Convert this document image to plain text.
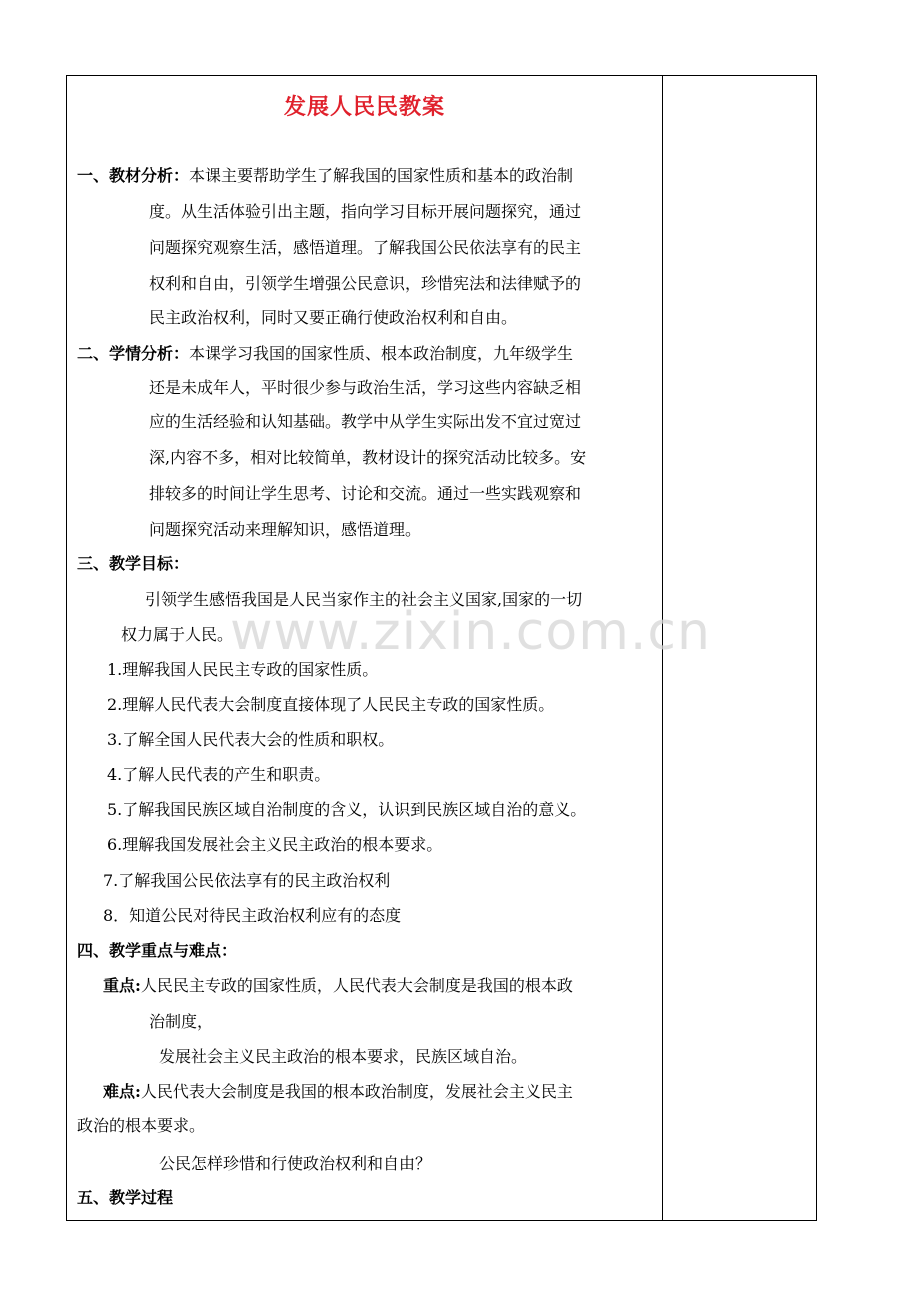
发展人民民教案
一、教材分析：本课主要帮助学生了解我国的国家性质和基本的政治制
度。从生活体验引出主题，指向学习目标开展问题探究，通过
问题探究观察生活，感悟道理。了解我国公民依法享有的民主
权利和自由，引领学生增强公民意识，珍惜宪法和法律赋予的
民主政治权利，同时又要正确行使政治权利和自由。
二、学情分析：本课学习我国的国家性质、根本政治制度，九年级学生
还是未成年人，平时很少参与政治生活，学习这些内容缺乏相
应的生活经验和认知基础。教学中从学生实际出发不宜过宽过
深,内容不多，相对比较简单，教材设计的探究活动比较多。安
排较多的时间让学生思考、讨论和交流。通过一些实践观察和
问题探究活动来理解知识，感悟道理。
三、教学目标：
引领学生感悟我国是人民当家作主的社会主义国家,国家的一切
权力属于人民。
1.理解我国人民民主专政的国家性质。
2.理解人民代表大会制度直接体现了人民民主专政的国家性质。
3.了解全国人民代表大会的性质和职权。
4.了解人民代表的产生和职责。
5.了解我国民族区域自治制度的含义，认识到民族区域自治的意义。
6.理解我国发展社会主义民主政治的根本要求。
7.了解我国公民依法享有的民主政治权利
8．知道公民对待民主政治权利应有的态度
四、教学重点与难点：
重点:人民民主专政的国家性质，人民代表大会制度是我国的根本政
治制度，
发展社会主义民主政治的根本要求，民族区域自治。
难点:人民代表大会制度是我国的根本政治制度，发展社会主义民主
政治的根本要求。
公民怎样珍惜和行使政治权利和自由？
五、教学过程
www.zixin.com.cn
